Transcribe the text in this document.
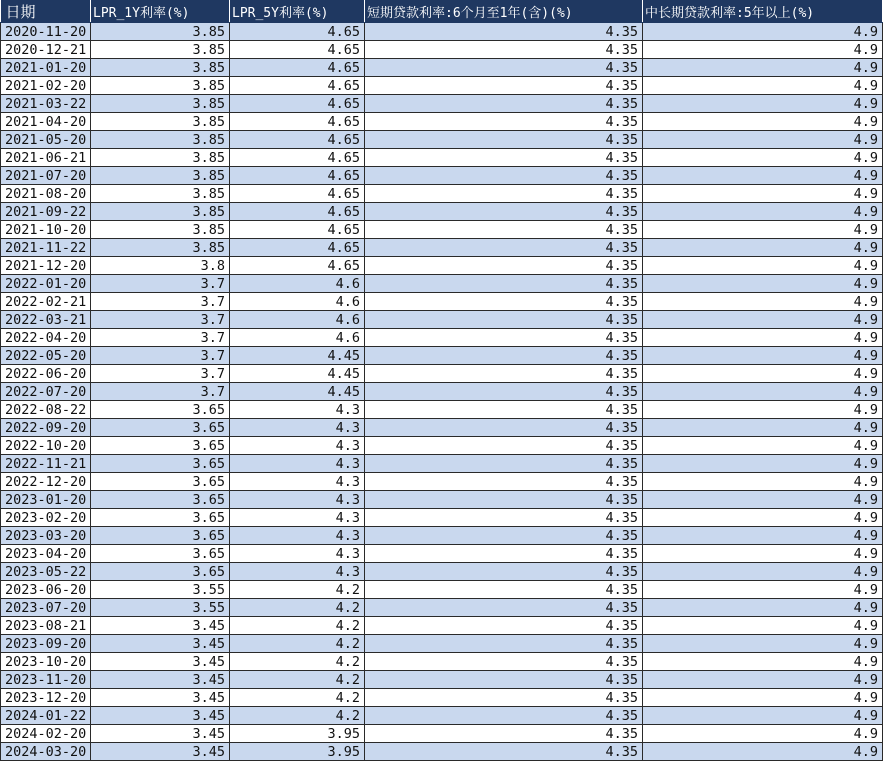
日期	LPR_1Y利率(%)	LPR_5Y利率(%)	短期贷款利率:6个月至1年(含)(%)	中长期贷款利率:5年以上(%)
2020-11-20	3.85	4.65	4.35	4.9
2020-12-21	3.85	4.65	4.35	4.9
2021-01-20	3.85	4.65	4.35	4.9
2021-02-20	3.85	4.65	4.35	4.9
2021-03-22	3.85	4.65	4.35	4.9
2021-04-20	3.85	4.65	4.35	4.9
2021-05-20	3.85	4.65	4.35	4.9
2021-06-21	3.85	4.65	4.35	4.9
2021-07-20	3.85	4.65	4.35	4.9
2021-08-20	3.85	4.65	4.35	4.9
2021-09-22	3.85	4.65	4.35	4.9
2021-10-20	3.85	4.65	4.35	4.9
2021-11-22	3.85	4.65	4.35	4.9
2021-12-20	3.8	4.65	4.35	4.9
2022-01-20	3.7	4.6	4.35	4.9
2022-02-21	3.7	4.6	4.35	4.9
2022-03-21	3.7	4.6	4.35	4.9
2022-04-20	3.7	4.6	4.35	4.9
2022-05-20	3.7	4.45	4.35	4.9
2022-06-20	3.7	4.45	4.35	4.9
2022-07-20	3.7	4.45	4.35	4.9
2022-08-22	3.65	4.3	4.35	4.9
2022-09-20	3.65	4.3	4.35	4.9
2022-10-20	3.65	4.3	4.35	4.9
2022-11-21	3.65	4.3	4.35	4.9
2022-12-20	3.65	4.3	4.35	4.9
2023-01-20	3.65	4.3	4.35	4.9
2023-02-20	3.65	4.3	4.35	4.9
2023-03-20	3.65	4.3	4.35	4.9
2023-04-20	3.65	4.3	4.35	4.9
2023-05-22	3.65	4.3	4.35	4.9
2023-06-20	3.55	4.2	4.35	4.9
2023-07-20	3.55	4.2	4.35	4.9
2023-08-21	3.45	4.2	4.35	4.9
2023-09-20	3.45	4.2	4.35	4.9
2023-10-20	3.45	4.2	4.35	4.9
2023-11-20	3.45	4.2	4.35	4.9
2023-12-20	3.45	4.2	4.35	4.9
2024-01-22	3.45	4.2	4.35	4.9
2024-02-20	3.45	3.95	4.35	4.9
2024-03-20	3.45	3.95	4.35	4.9
